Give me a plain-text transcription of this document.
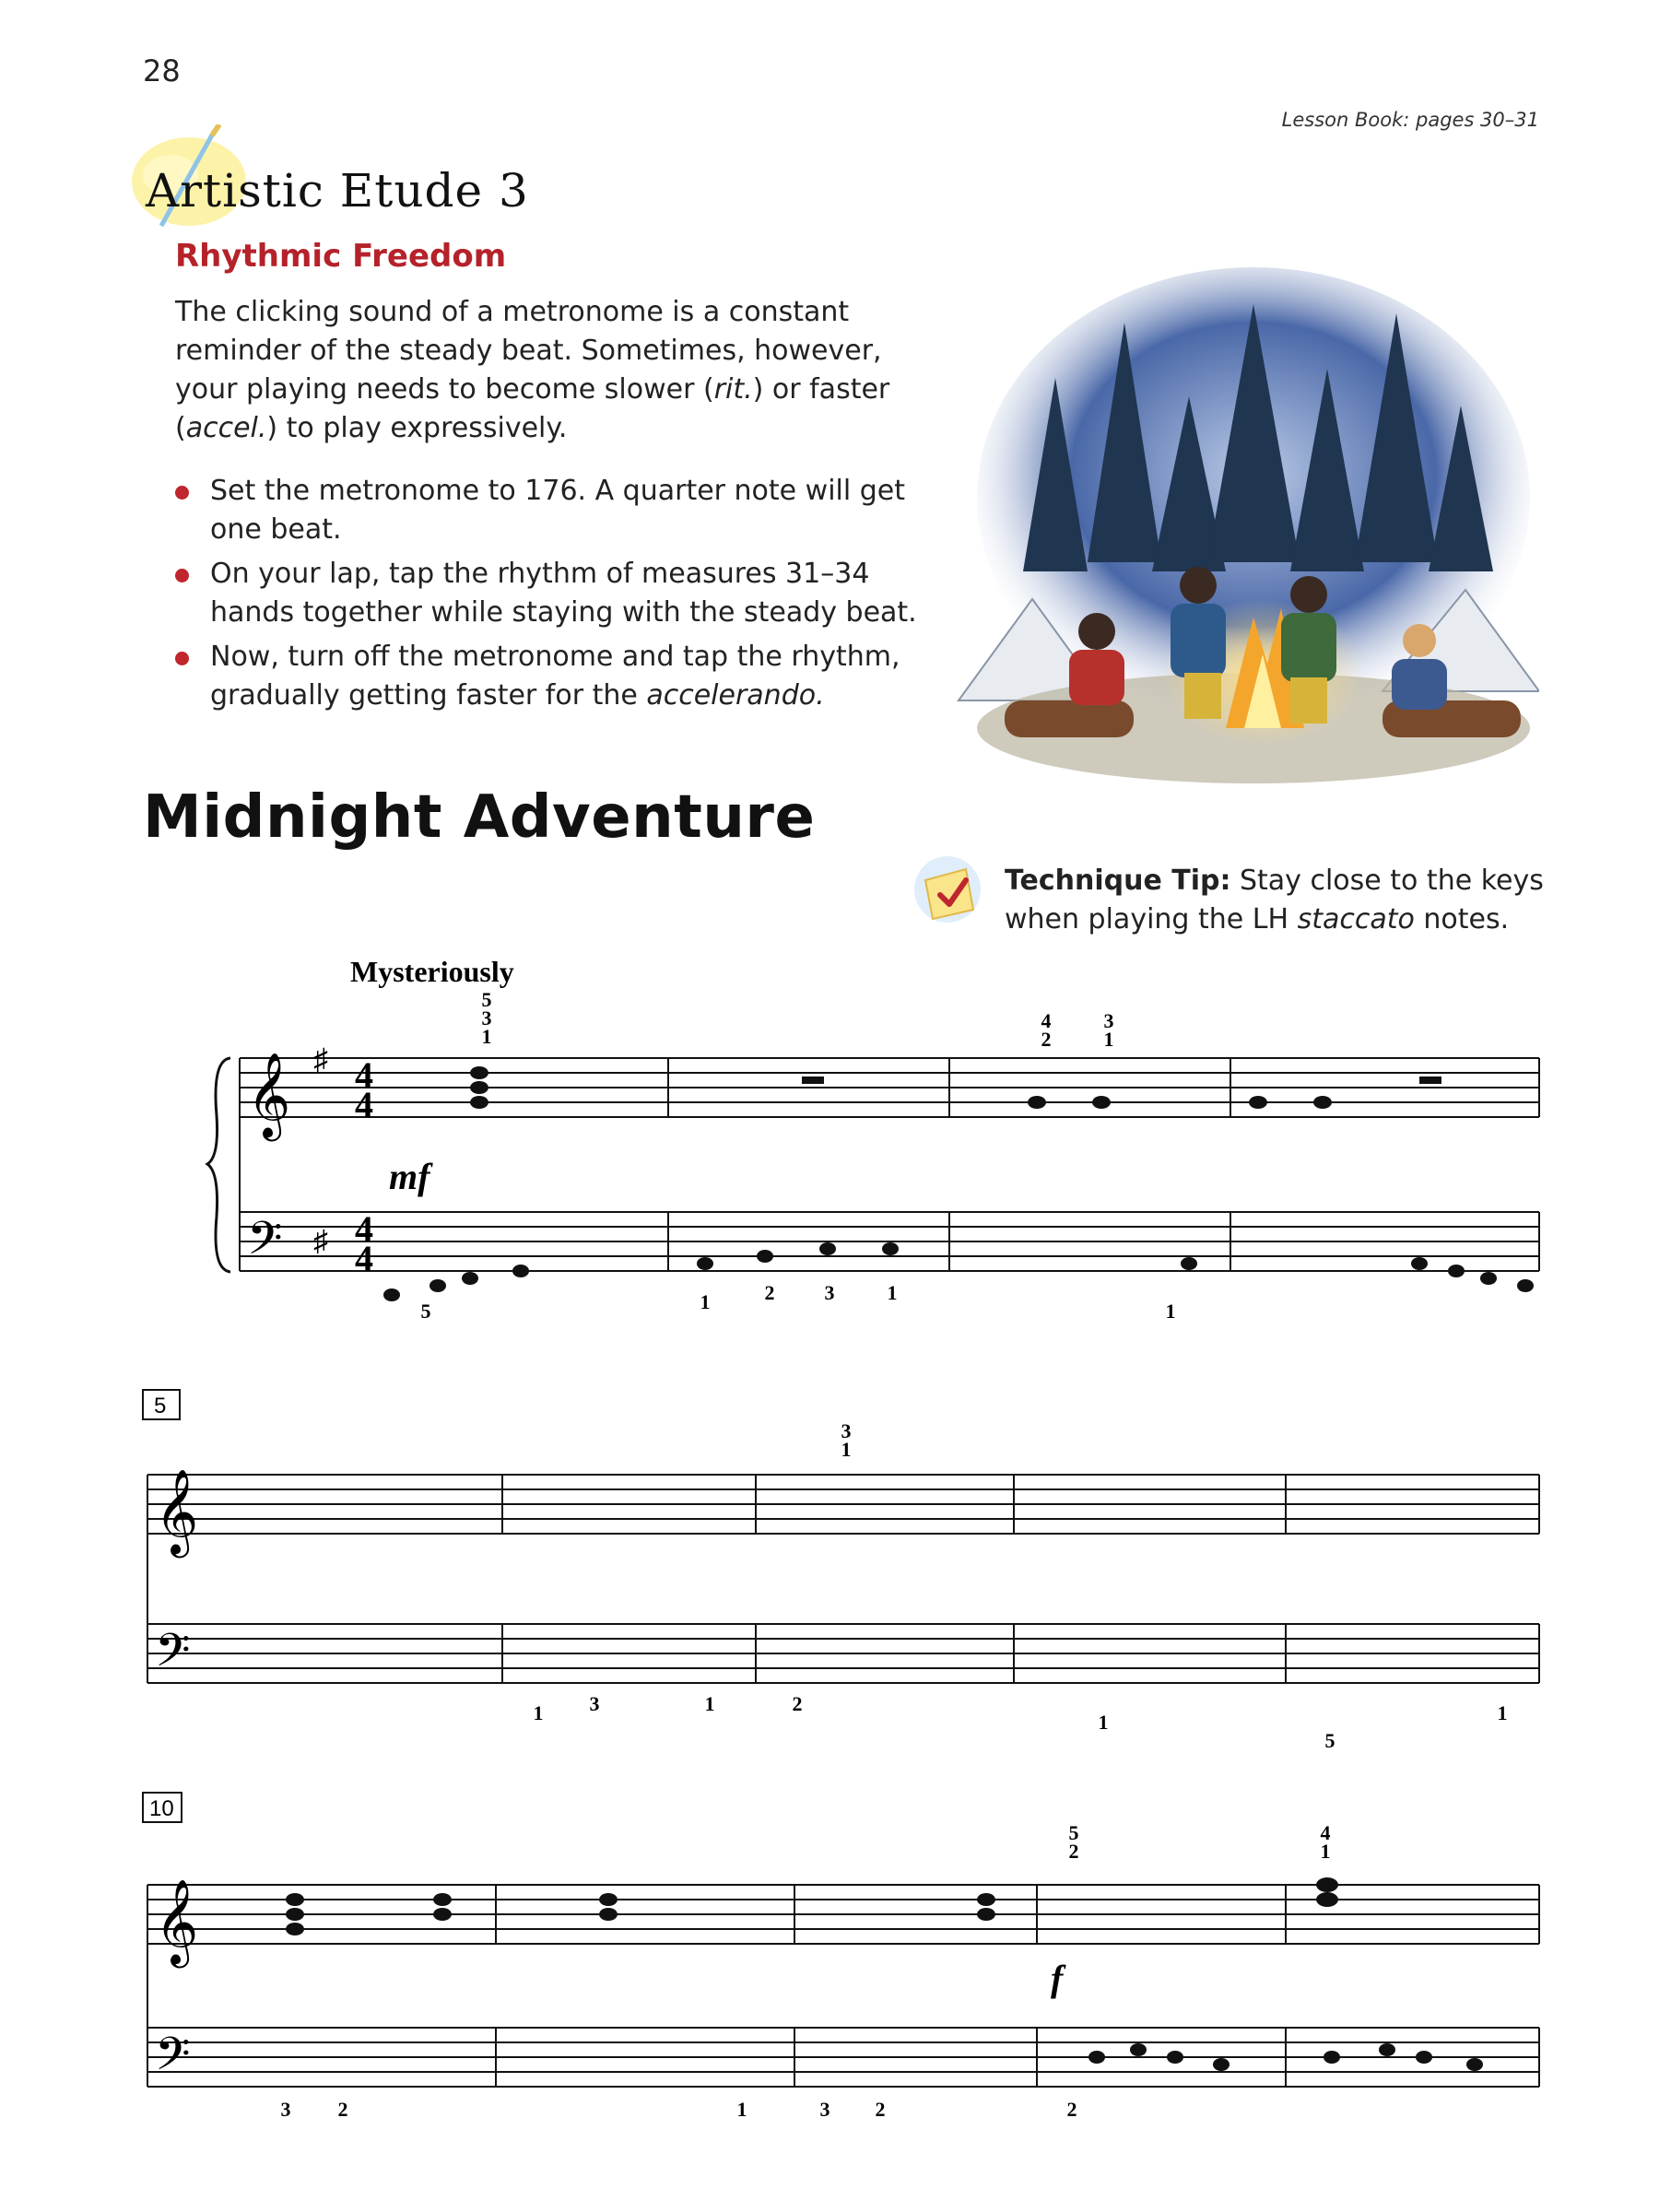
28
Lesson Book: pages 30–31
Artistic Etude 3
Rhythmic Freedom
The clicking sound of a metronome is a constant reminder of the steady beat. Sometimes, however, your playing needs to become slower (rit.) or faster (accel.) to play expressively.
Set the metronome to 176. A quarter note will get one beat.
On your lap, tap the rhythm of measures 31–34 hands together while staying with the steady beat.
Now, turn off the metronome and tap the rhythm, gradually getting faster for the accelerando.
Midnight Adventure
Technique Tip: Stay close to the keys when playing the LH staccato notes.
𝄞
𝄢
♯
♯
4
4
4
4
Mysteriously
mf
5
3
1
4
2
3
1
5	1	2 3	1
1
5
𝄞
𝄢
3
1
1 3	1	2
1
5
1
10
𝄞
𝄢
f
5
2
4
1
3 2	1	3 2	2
